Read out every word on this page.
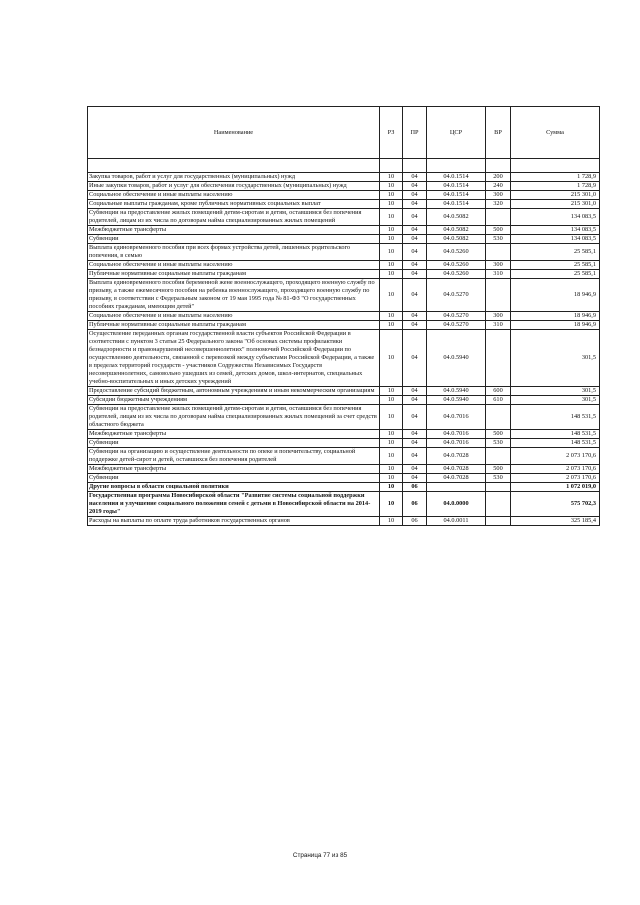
Наименование	РЗ	ПР	ЦСР	ВР	Сумма

Закупка товаров, работ и услуг для государственных (муниципальных) нужд	10	04	04.0.1514	200	1 728,9
Иные закупки товаров, работ и услуг для обеспечения государственных (муниципальных) нужд	10	04	04.0.1514	240	1 728,9
Социальное обеспечение и иные выплаты населению	10	04	04.0.1514	300	215 301,0
Социальные выплаты гражданам, кроме публичных нормативных социальных выплат	10	04	04.0.1514	320	215 301,0
Субвенции на предоставление жилых помещений детям-сиротам и детям, оставшимся без попечения родителей, лицам из их числа по договорам найма специализированных жилых помещений	10	04	04.0.5082		134 083,5
Межбюджетные трансферты	10	04	04.0.5082	500	134 083,5
Субвенции	10	04	04.0.5082	530	134 083,5
Выплата единовременного пособия при всех формах устройства детей, лишенных родительского попечения, в семью	10	04	04.0.5260		25 585,1
Социальное обеспечение и иные выплаты населению	10	04	04.0.5260	300	25 585,1
Публичные нормативные социальные выплаты гражданам	10	04	04.0.5260	310	25 585,1
Выплата единовременного пособия беременной жене военнослужащего, проходящего военную службу по призыву, а также ежемесячного пособия на ребенка военнослужащего, проходящего военную службу по призыву, в соответствии с Федеральным законом от 19 мая 1995 года № 81-ФЗ "О государственных пособиях гражданам, имеющим детей"	10	04	04.0.5270		18 946,9
Социальное обеспечение и иные выплаты населению	10	04	04.0.5270	300	18 946,9
Публичные нормативные социальные выплаты гражданам	10	04	04.0.5270	310	18 946,9
Осуществление переданных органам государственной власти субъектов Российской Федерации в соответствии с пунктом 3 статьи 25 Федерального закона "Об основах системы профилактики безнадзорности и правонарушений несовершеннолетних" полномочий Российской Федерации по осуществлению деятельности, связанной с перевозкой между субъектами Российской Федерации, а также в пределах территорий государств - участников Содружества Независимых Государств несовершеннолетних, самовольно ушедших из семей, детских домов, школ-интернатов, специальных учебно-воспитательных и иных детских учреждений	10	04	04.0.5940		301,5
Предоставление субсидий бюджетным, автономным учреждениям и иным некоммерческим организациям	10	04	04.0.5940	600	301,5
Субсидии бюджетным учреждениям	10	04	04.0.5940	610	301,5
Субвенции на предоставление жилых помещений детям-сиротам и детям, оставшимся без попечения родителей, лицам из их числа по договорам найма специализированных жилых помещений за счет средств областного бюджета	10	04	04.0.7016		148 531,5
Межбюджетные трансферты	10	04	04.0.7016	500	148 531,5
Субвенции	10	04	04.0.7016	530	148 531,5
Субвенции на организацию и осуществление деятельности по опеке и попечительству, социальной поддержке детей-сирот и детей, оставшихся без попечения родителей	10	04	04.0.7028		2 073 170,6
Межбюджетные трансферты	10	04	04.0.7028	500	2 073 170,6
Субвенции	10	04	04.0.7028	530	2 073 170,6
Другие вопросы в области социальной политики	10	06			1 072 019,0
Государственная программа Новосибирской области "Развитие системы социальной поддержки населения и улучшение социального положения семей с детьми в Новосибирской области на 2014-2019 годы"	10	06	04.0.0000		575 702,3
Расходы на выплаты по оплате труда работников государственных органов	10	06	04.0.0011		325 185,4
Страница 77 из 85
